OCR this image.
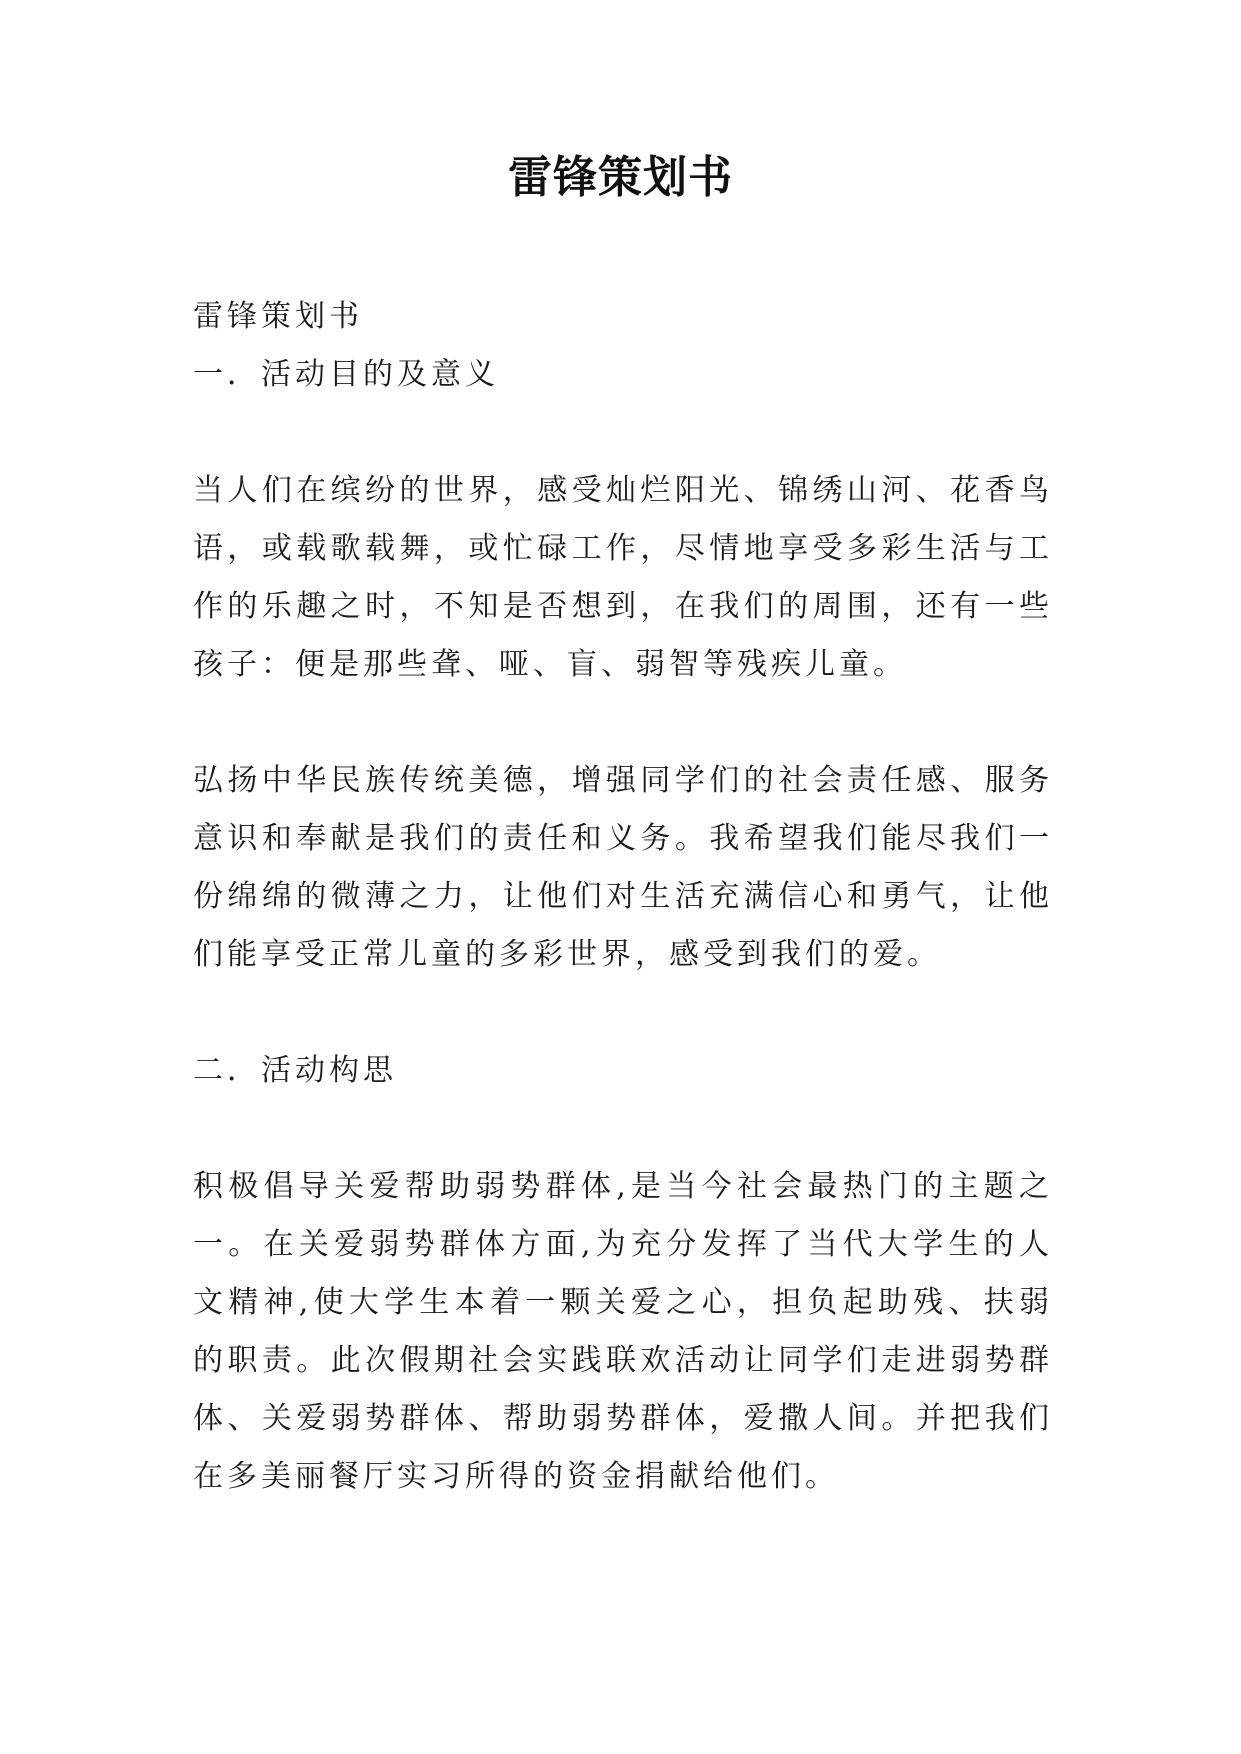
雷锋策划书

雷锋策划书

一．活动目的及意义

当人们在缤纷的世界，感受灿烂阳光、锦绣山河、花香鸟语，或载歌载舞，或忙碌工作，尽情地享受多彩生活与工作的乐趣之时，不知是否想到，在我们的周围，还有一些孩子：便是那些聋、哑、盲、弱智等残疾儿童。

弘扬中华民族传统美德，增强同学们的社会责任感、服务意识和奉献是我们的责任和义务。我希望我们能尽我们一份绵绵的微薄之力，让他们对生活充满信心和勇气，让他们能享受正常儿童的多彩世界，感受到我们的爱。

二．活动构思

积极倡导关爱帮助弱势群体,是当今社会最热门的主题之一。在关爱弱势群体方面,为充分发挥了当代大学生的人文精神,使大学生本着一颗关爱之心，担负起助残、扶弱的职责。此次假期社会实践联欢活动让同学们走进弱势群体、关爱弱势群体、帮助弱势群体，爱撒人间。并把我们在多美丽餐厅实习所得的资金捐献给他们。
